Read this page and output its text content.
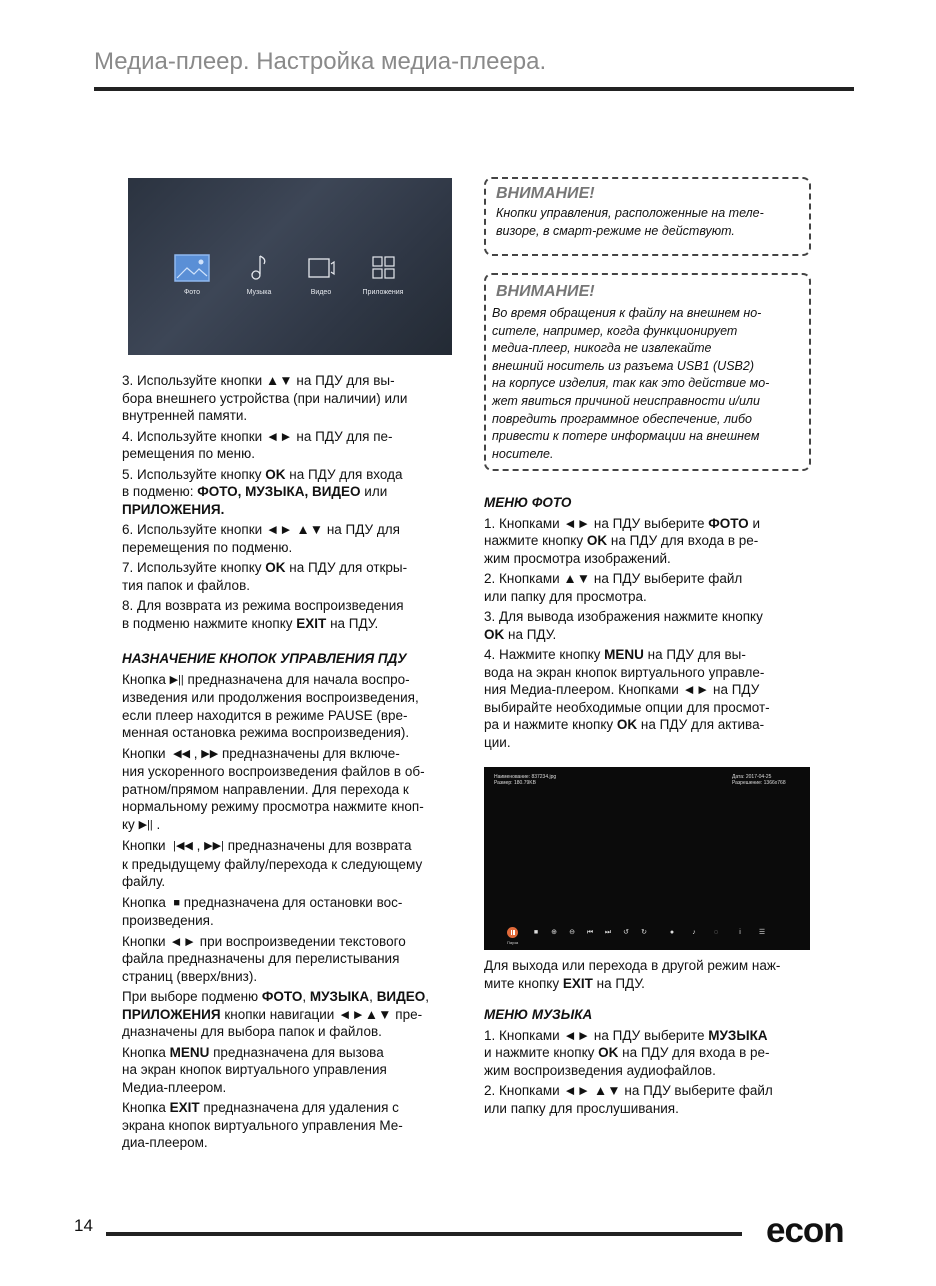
Медиа-плеер. Настройка медиа-плеера.
Фото	Музыка	Видео	Приложения

3. Используйте кнопки ▲▼ на ПДУ для вы-
бора внешнего устройства (при наличии) или
внутренней памяти.

4. Используйте кнопки ◄► на ПДУ для пе-
ремещения по меню.

5. Используйте кнопку OK на ПДУ для входа
в подменю: ФОТО, МУЗЫКА, ВИДЕО или
ПРИЛОЖЕНИЯ.

6. Используйте кнопки ◄► ▲▼ на ПДУ для
перемещения по подменю.

7. Используйте кнопку OK на ПДУ для откры-
тия папок и файлов.

8. Для возврата из режима воспроизведения
в подменю нажмите кнопку EXIT на ПДУ.

НАЗНАЧЕНИЕ КНОПОК УПРАВЛЕНИЯ ПДУ

Кнопка ▶|| предназначена для начала воспро-
изведения или продолжения воспроизведения,
если плеер находится в режиме PAUSE (вре-
менная остановка режима воспроизведения).

Кнопки  ◀◀ , ▶▶ предназначены для включе-
ния ускоренного воспроизведения файлов в об-
ратном/прямом направлении. Для перехода к
нормальному режиму просмотра нажмите кноп-
ку ▶|| .

Кнопки  |◀◀ , ▶▶| предназначены для возврата
к предыдущему файлу/перехода к следующему
файлу.

Кнопка  ■ предназначена для остановки вос-
произведения.

Кнопки ◄► при воспроизведении текстового
файла предназначены для перелистывания
страниц (вверх/вниз).

При выборе подменю ФОТО, МУЗЫКА, ВИДЕО,
ПРИЛОЖЕНИЯ кнопки навигации ◄►▲▼ пре-
дназначены для выбора папок и файлов.

Кнопка MENU предназначена для вызова
на экран кнопок виртуального управления
Медиа-плеером.

Кнопка EXIT предназначена для удаления с
экрана кнопок виртуального управления Ме-
диа-плеером.

ВНИМАНИЕ!
Кнопки управления, расположенные на теле-
визоре, в смарт-режиме не действуют.
ВНИМАНИЕ!
Во время обращения к файлу на внешнем но-
сителе, например, когда функционирует
медиа-плеер, никогда не извлекайте
внешний носитель из разъема USB1 (USB2)
на корпусе изделия, так как это действие мо-
жет явиться причиной неисправности и/или
повредить программное обеспечение, либо
привести к потере информации на внешнем
носителе.

МЕНЮ ФОТО

1. Кнопками ◄► на ПДУ выберите ФОТО и
нажмите кнопку OK на ПДУ для входа в ре-
жим просмотра изображений.

2. Кнопками ▲▼ на ПДУ выберите файл
или папку для просмотра.

3. Для вывода изображения нажмите кнопку
OK на ПДУ.

4. Нажмите кнопку MENU на ПДУ для вы-
вода на экран кнопок виртуального управле-
ния Медиа-плеером. Кнопками ◄► на ПДУ
выбирайте необходимые опции для просмот-
ра и нажмите кнопку OK на ПДУ для актива-
ции.

Наименование: 837234.jpg
Размер: 180.79KB
Дата: 2017-04-25
Разрешение: 1366x768
Пауза
■	⊕	⊖	⏮	⏭	↺	↻	●	♪	◌	i	☰

Для выхода или перехода в другой режим наж-
мите кнопку EXIT на ПДУ.

МЕНЮ МУЗЫКА

1. Кнопками ◄► на ПДУ выберите МУЗЫКА
и нажмите кнопку OK на ПДУ для входа в ре-
жим воспроизведения аудиофайлов.

2. Кнопками ◄► ▲▼ на ПДУ выберите файл
или папку для прослушивания.

14	econ
